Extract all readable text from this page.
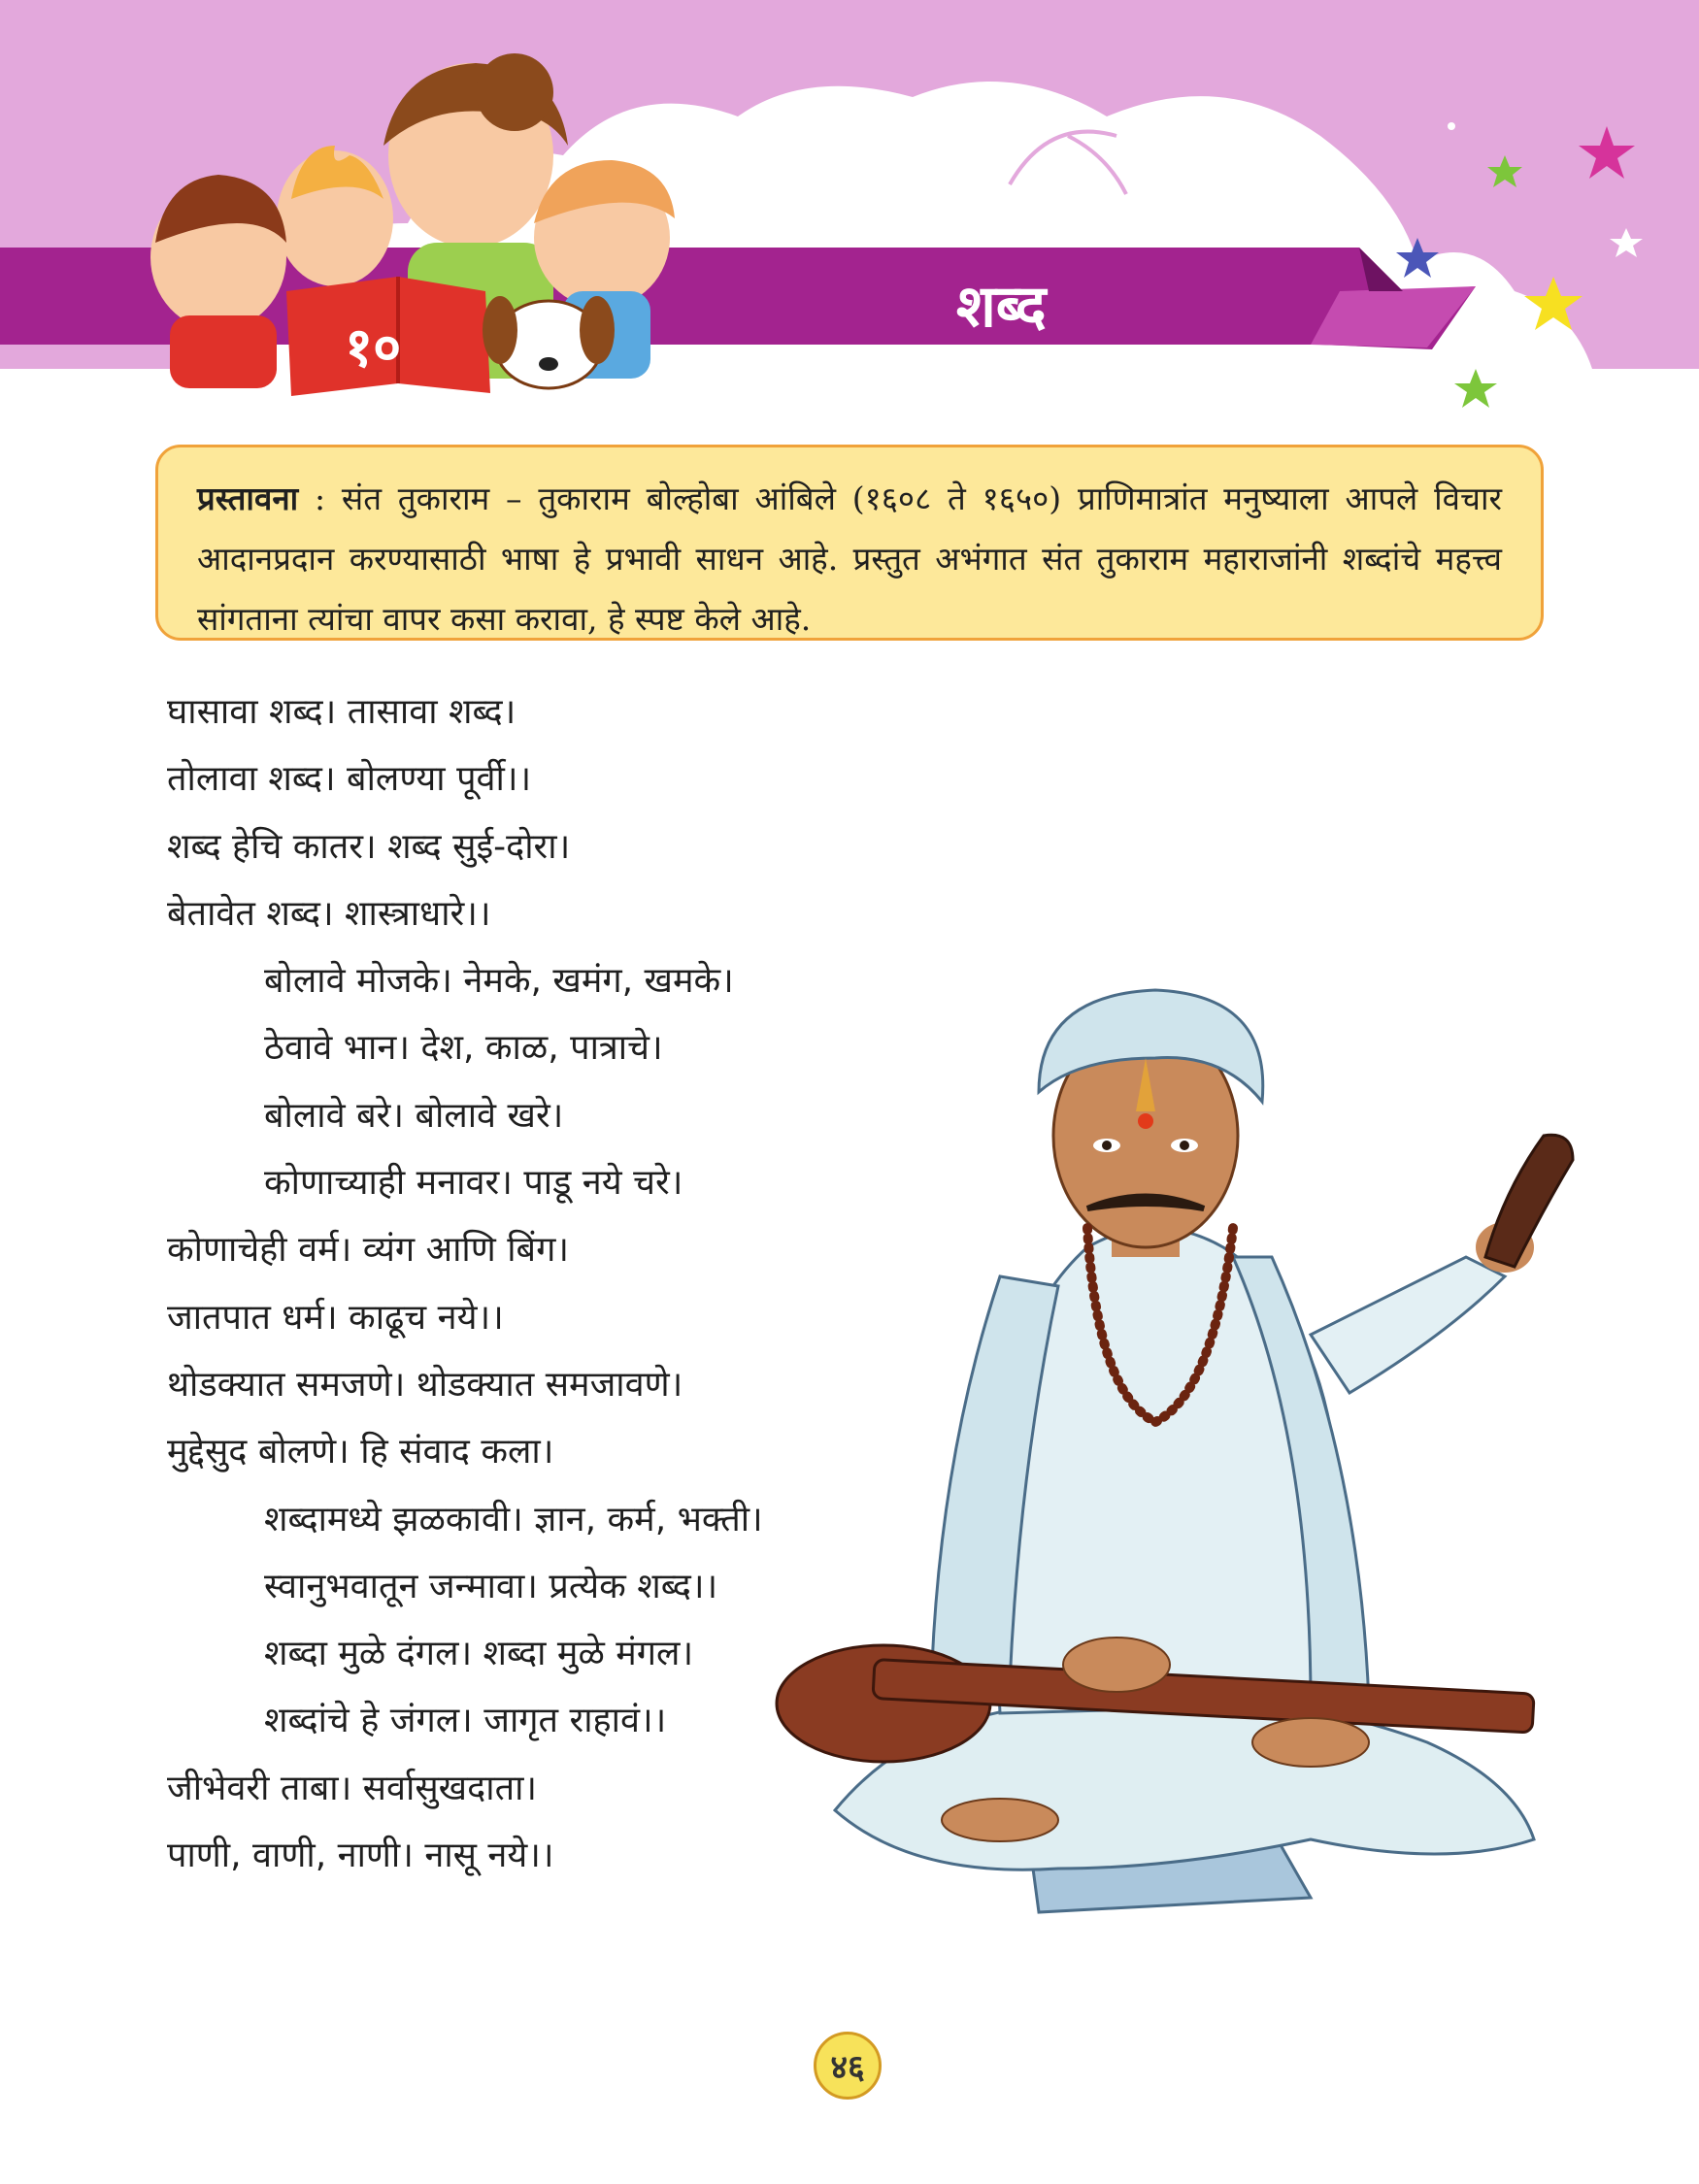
१०
शब्द

प्रस्तावना : संत तुकाराम – तुकाराम बोल्होबा आंबिले (१६०८ ते १६५०) प्राणिमात्रांत मनुष्याला आपले विचार आदानप्रदान करण्यासाठी भाषा हे प्रभावी साधन आहे. प्रस्तुत अभंगात संत तुकाराम महाराजांनी शब्दांचे महत्त्व सांगताना त्यांचा वापर कसा करावा, हे स्पष्ट केले आहे.

घासावा शब्द। तासावा शब्द।
तोलावा शब्द। बोलण्या पूर्वी।।
शब्द हेचि कातर। शब्द सुई-दोरा।
बेतावेत शब्द। शास्त्राधारे।।
बोलावे मोजके। नेमके, खमंग, खमके।
ठेवावे भान। देश, काळ, पात्राचे।
बोलावे बरे। बोलावे खरे।
कोणाच्याही मनावर। पाडू नये चरे।
कोणाचेही वर्म। व्यंग आणि बिंग।
जातपात धर्म। काढूच नये।।
थोडक्यात समजणे। थोडक्यात समजावणे।
मुद्देसुद बोलणे। हि संवाद कला।
शब्दामध्ये झळकावी। ज्ञान, कर्म, भक्ती।
स्वानुभवातून जन्मावा। प्रत्येक शब्द।।
शब्दा मुळे दंगल। शब्दा मुळे मंगल।
शब्दांचे हे जंगल। जागृत राहावं।।
जीभेवरी ताबा। सर्वासुखदाता।
पाणी, वाणी, नाणी। नासू नये।।
४६
